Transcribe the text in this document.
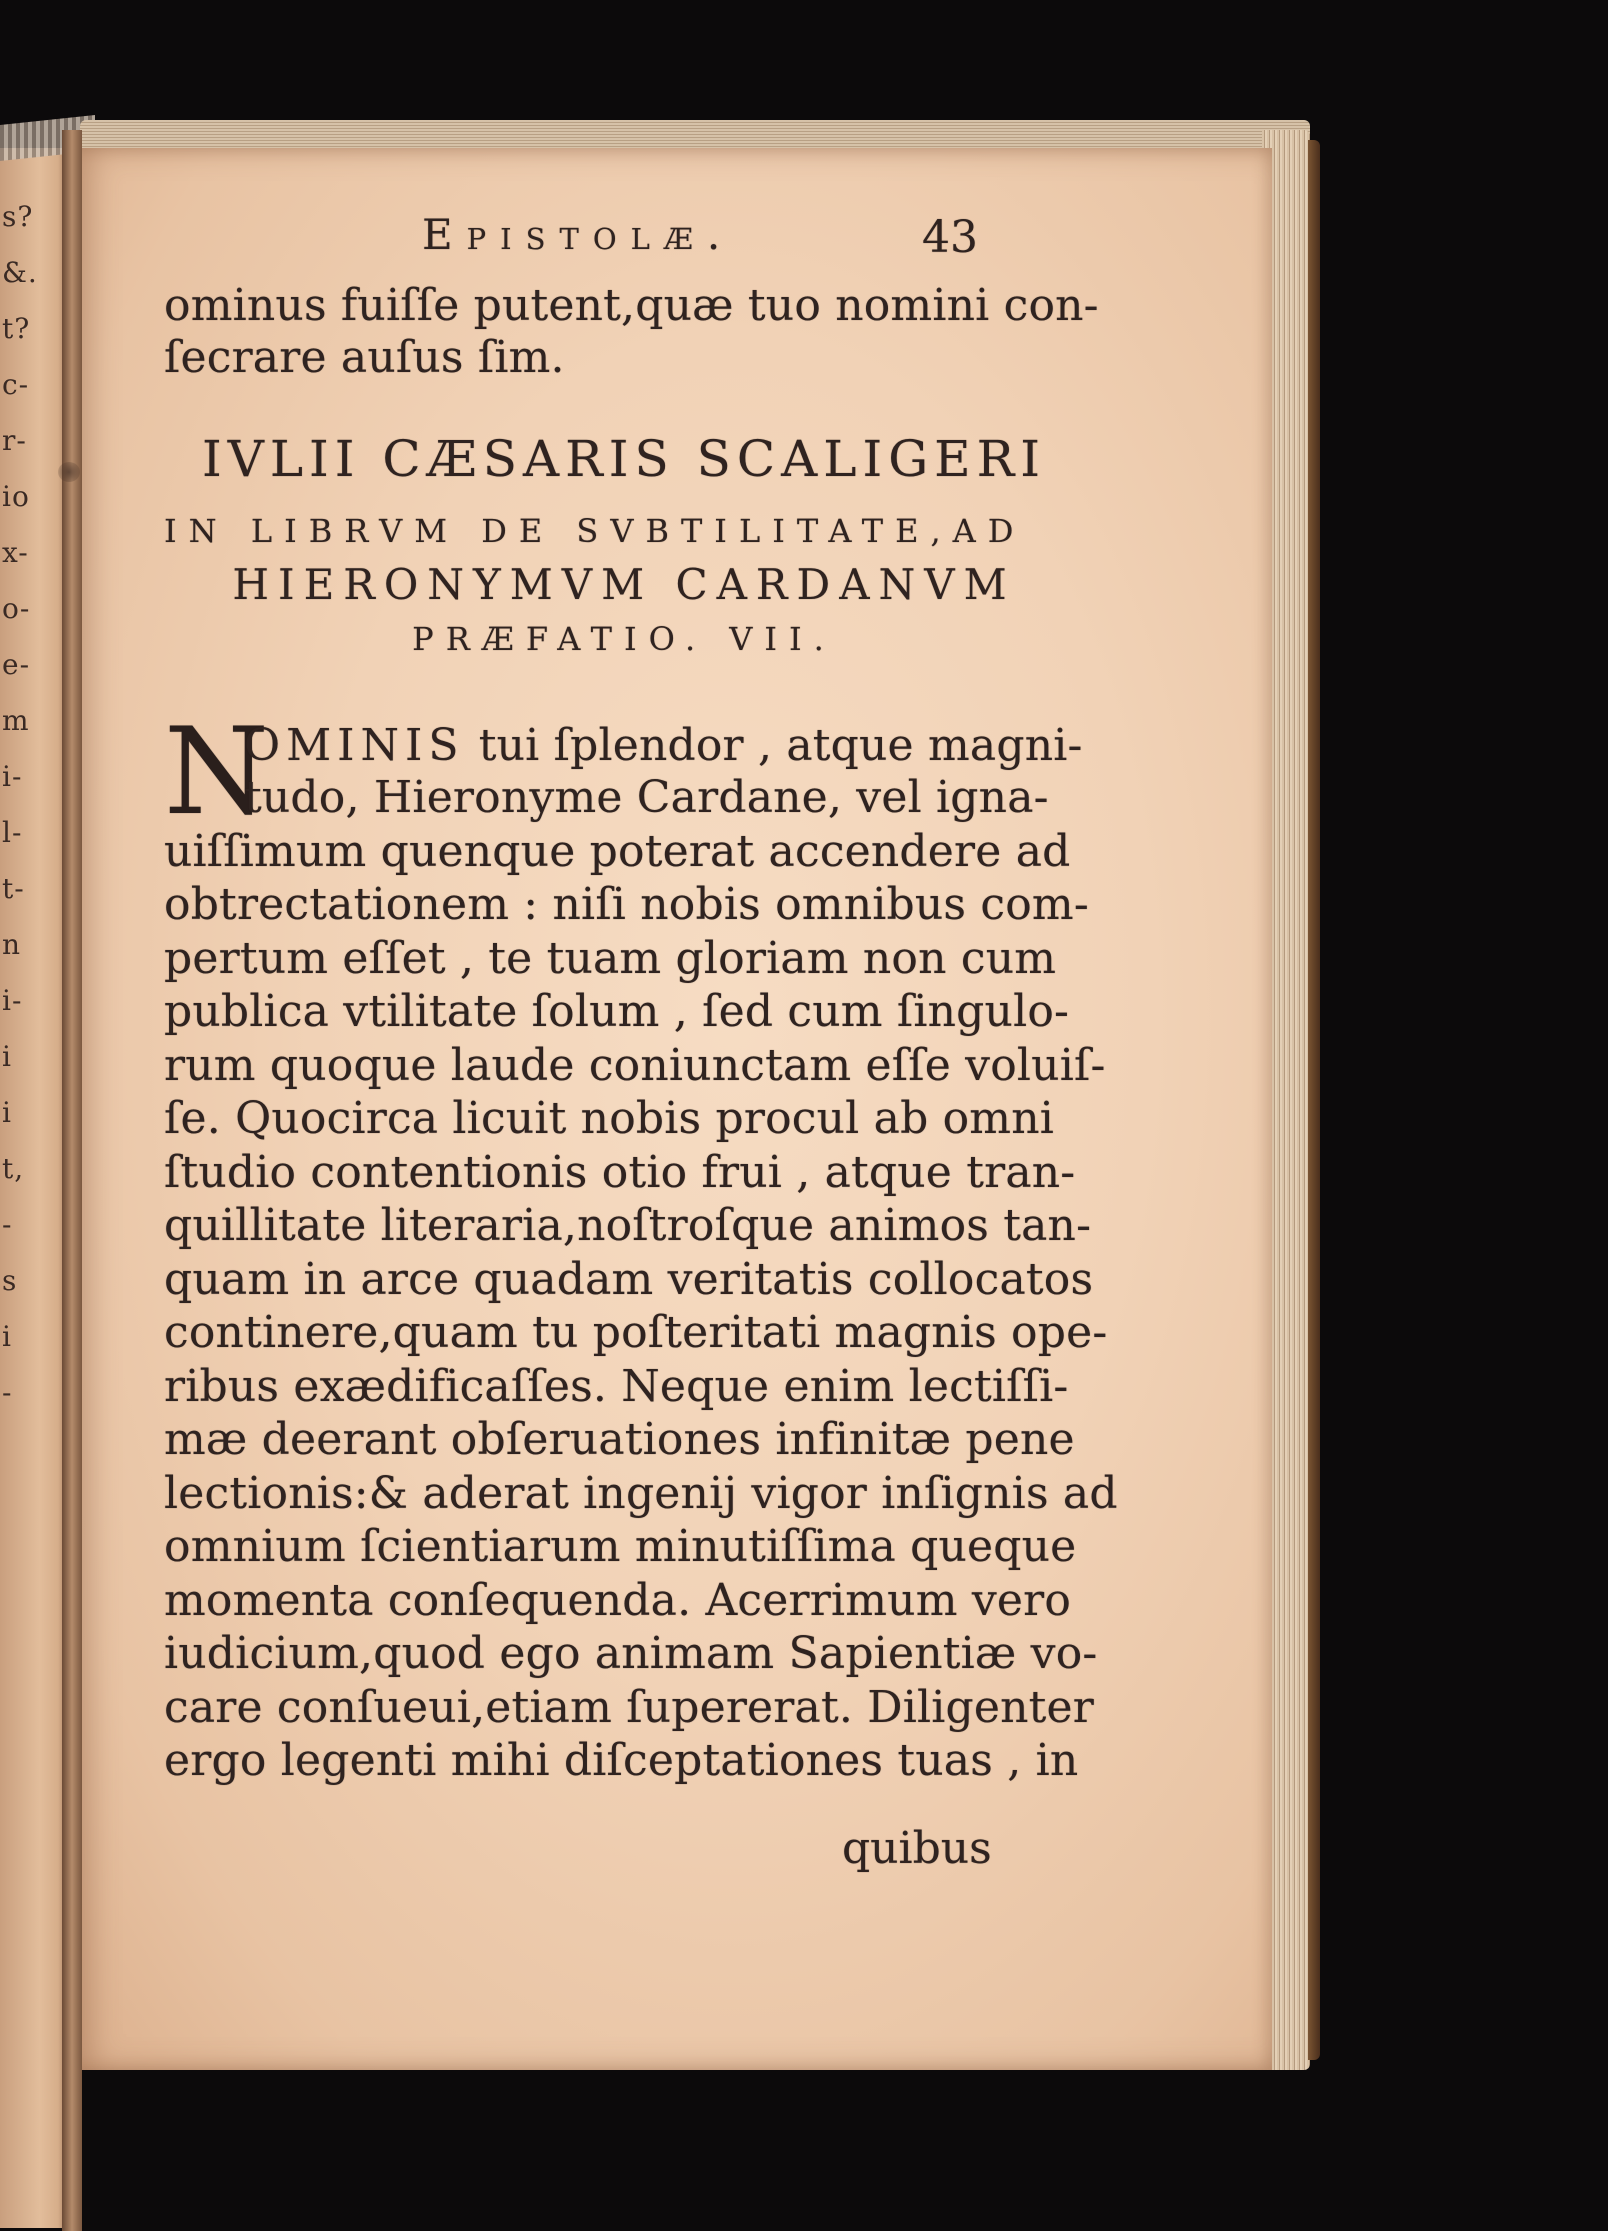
Epistolæ.	43
ominus fuiſſe putent,quæ tuo nomini con-
ſecrare auſus ſim.
IVLII CÆSARIS SCALIGERI
IN LIBRVM DE SVBTILITATE,AD
HIERONYMVM CARDANVM
PRÆFATIO. VII.
N
OMINIS tui ſplendor , atque magni-
tudo, Hieronyme Cardane, vel igna-
uiſſimum quenque poterat accendere ad
obtrectationem : niſi nobis omnibus com-
pertum eſſet , te tuam gloriam non cum
publica vtilitate ſolum , ſed cum ſingulo-
rum quoque laude coniunctam eſſe voluiſ-
ſe. Quocirca licuit nobis procul ab omni
ſtudio contentionis otio frui , atque tran-
quillitate literaria,noſtroſque animos tan-
quam in arce quadam veritatis collocatos
continere,quam tu poſteritati magnis ope-
ribus exædificaſſes. Neque enim lectiſſi-
mæ deerant obſeruationes infinitæ pene
lectionis:& aderat ingenij vigor inſignis ad
omnium ſcientiarum minutiſſima queque
momenta conſequenda. Acerrimum vero
iudicium,quod ego animam Sapientiæ vo-
care conſueui,etiam ſupererat. Diligenter
ergo legenti mihi diſceptationes tuas , in
quibus
s?
&.
t?
c-
r-
io
x-
o-
e-
m
i-
l-
t-
n
i-
i
i
t,
-
s
i
-
